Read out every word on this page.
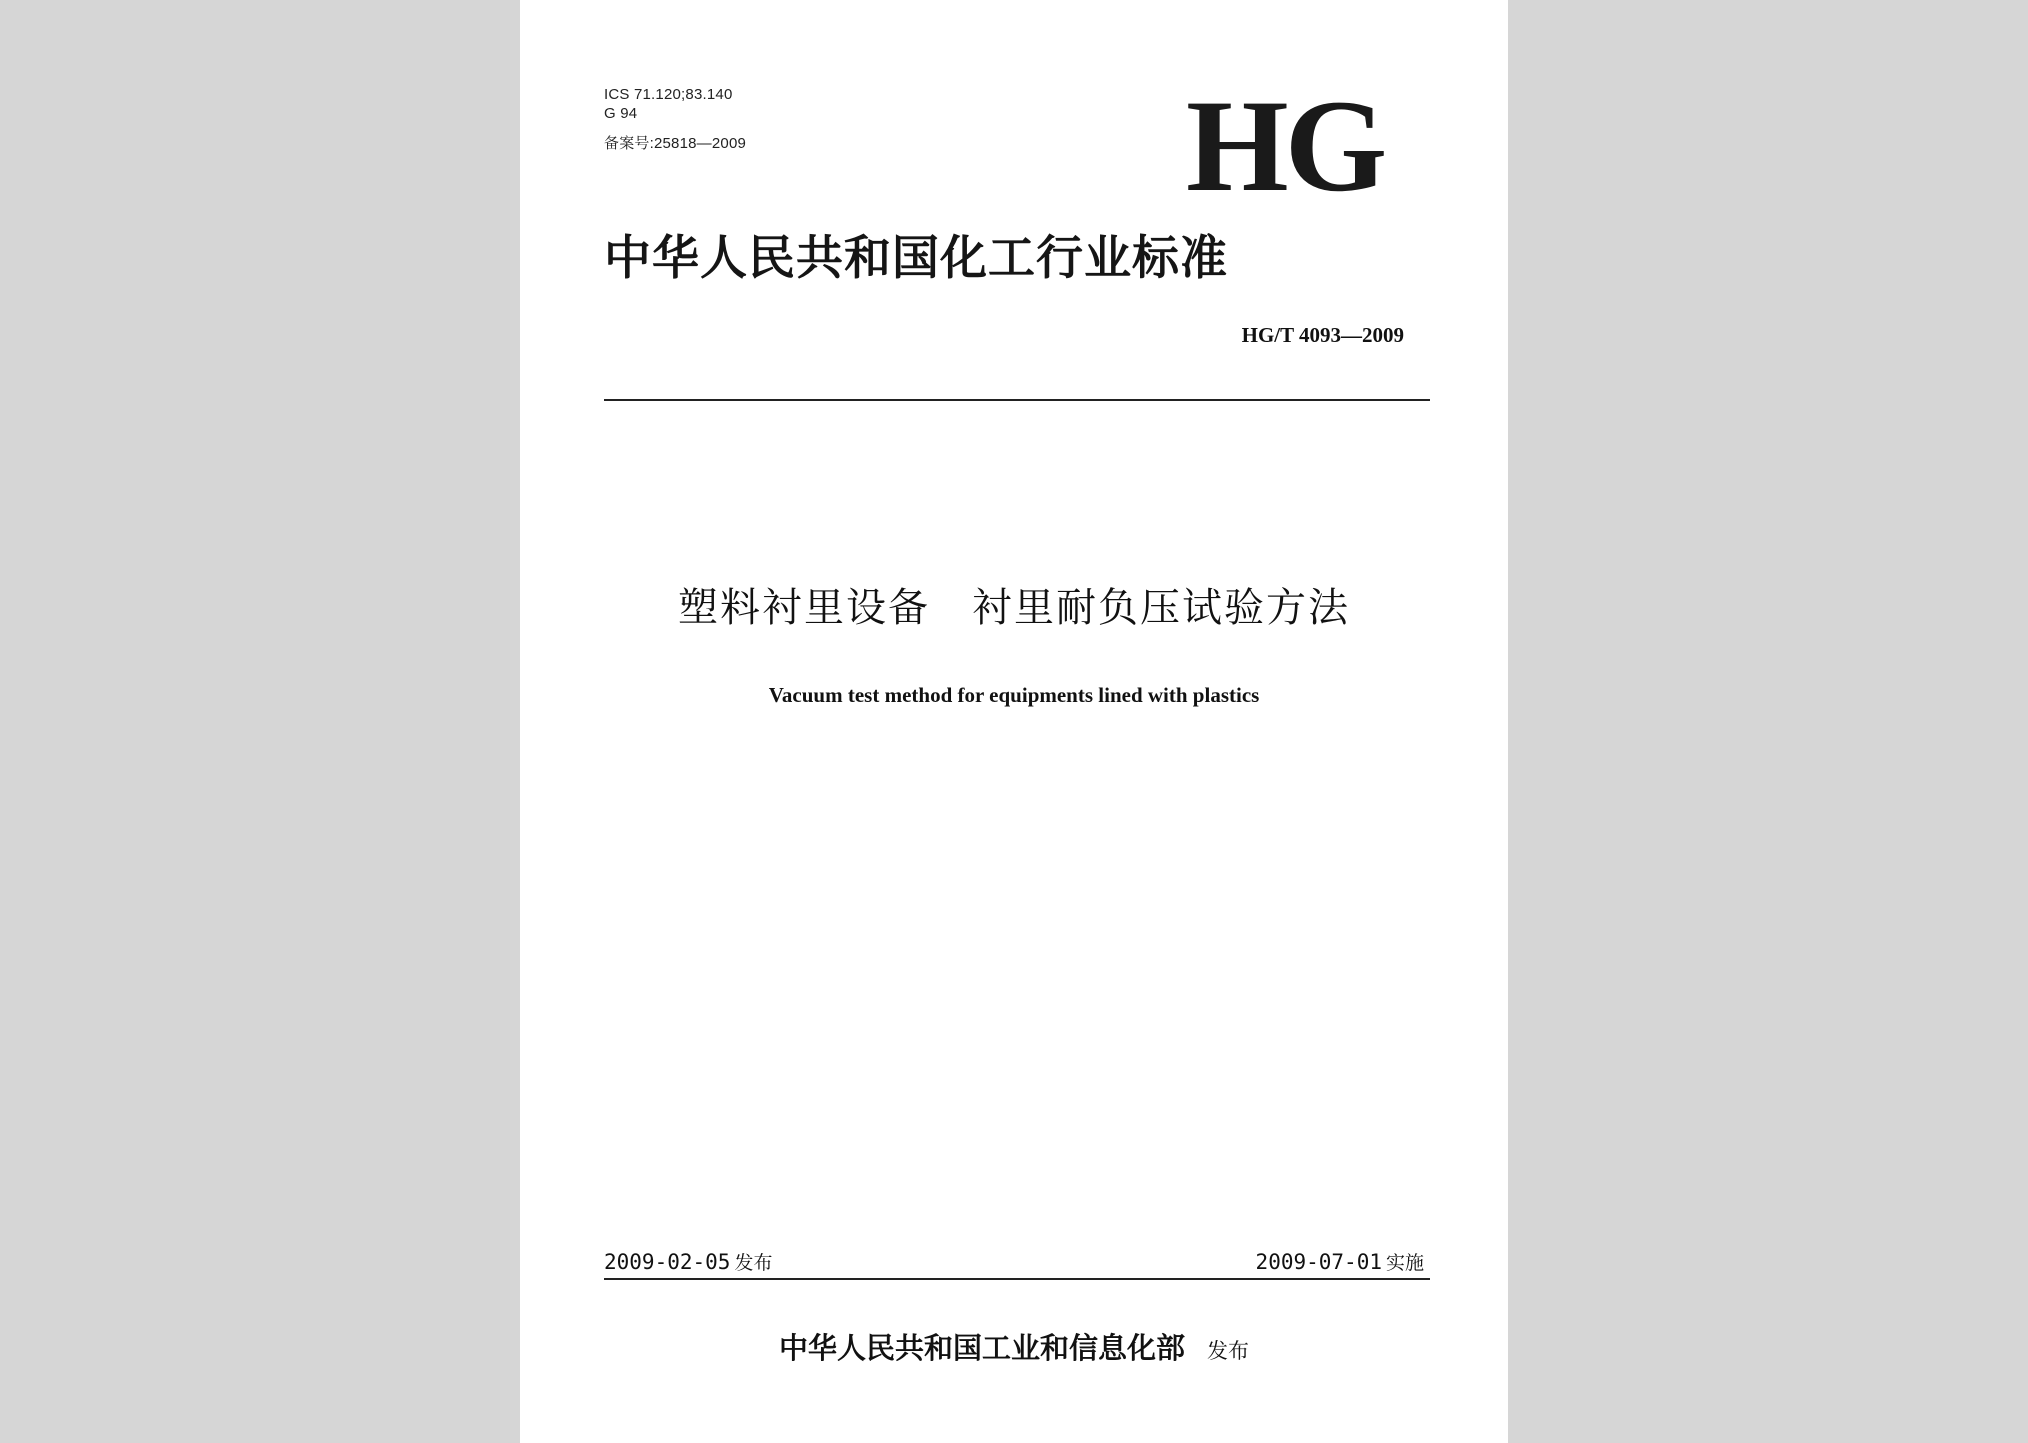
ICS 71.120;83.140
G 94
备案号:25818—2009	HG
中华人民共和国化工行业标准
HG/T 4093—2009
塑料衬里设备　衬里耐负压试验方法
Vacuum test method for equipments lined with plastics
2009-02-05 发布	2009-07-01 实施
中华人民共和国工业和信息化部 发布
